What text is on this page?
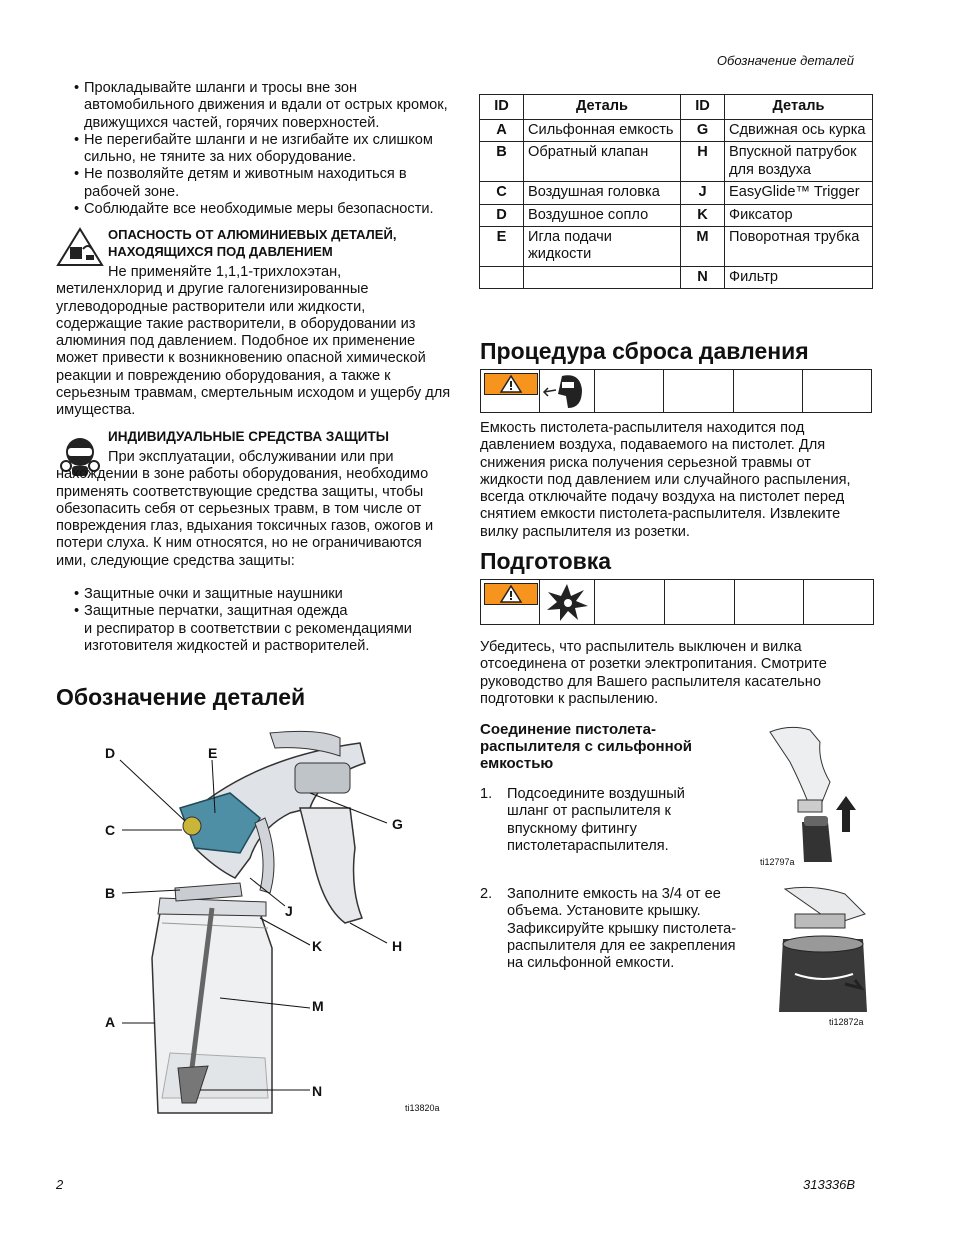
Обозначение деталей
2	313336B
• Прокладывайте шланги и тросы вне зон автомобильного движения и вдали от острых кромок, движущихся частей, горячих поверхностей.
• Не перегибайте шланги и не изгибайте их слишком сильно, не тяните за них оборудование.
• Не позволяйте детям и животным находиться в рабочей зоне.
• Соблюдайте все необходимые меры безопасности.
ОПАСНОСТЬ ОТ АЛЮМИНИЕВЫХ ДЕТАЛЕЙ,
НАХОДЯЩИХСЯ ПОД ДАВЛЕНИЕМ
Не применяйте 1,1,1-трихлохэтан, метиленхлорид и другие галогенизированные углеводородные растворители или жидкости, содержащие такие растворители, в оборудовании из алюминия под давлением. Подобное их применение может привести к возникновению опасной химической реакции и повреждению оборудования, а также к серьезным травмам, смертельным исходом и ущербу для имущества.
ИНДИВИДУАЛЬНЫЕ СРЕДСТВА ЗАЩИТЫ
При эксплуатации, обслуживании или при нахождении в зоне работы оборудования, необходимо применять соответствующие средства защиты, чтобы обезопасить себя от серьезных травм, в том числе от повреждения глаз, вдыхания токсичных газов, ожогов и потери слуха. К ним относятся, но не ограничиваются ими, следующие средства защиты:
• Защитные очки и защитные наушники
• Защитные перчатки, защитная одежда
и респиратор в соответствии с рекомендациями изготовителя жидкостей и растворителей.
Обозначение деталей
D	E
C	G
B
J
K	H
A
M
N
ti13820a
ID	Деталь	ID	Деталь
A	Сильфонная емкость	G	Сдвижная ось курка
B	Обратный клапан	H	Впускной патрубок для воздуха
C	Воздушная головка	J	EasyGlide™ Trigger
D	Воздушное сопло	K	Фиксатор
E	Игла подачи жидкости	M	Поворотная трубка
		N	Фильтр
Процедура сброса давления
Емкость пистолета-распылителя находится под давлением воздуха, подаваемого на пистолет. Для снижения риска получения серьезной травмы от жидкости под давлением или случайного распыления, всегда отключайте подачу воздуха на пистолет перед снятием емкости пистолета-распылителя. Извлеките вилку распылителя из розетки.
Подготовка
Убедитесь, что распылитель выключен и вилка отсоединена от розетки электропитания. Смотрите руководство для Вашего распылителя касательно подготовки к распылению.
Соединение пистолета-распылителя с сильфонной емкостью
1.	Подсоедините воздушный шланг от распылителя к впускному фитингу пистолетараспылителя.
ti12797a
2.	Заполните емкость на 3/4 от ее объема. Установите крышку. Зафиксируйте крышку пистолета-распылителя для ее закрепления на сильфонной емкости.
ti12872a
